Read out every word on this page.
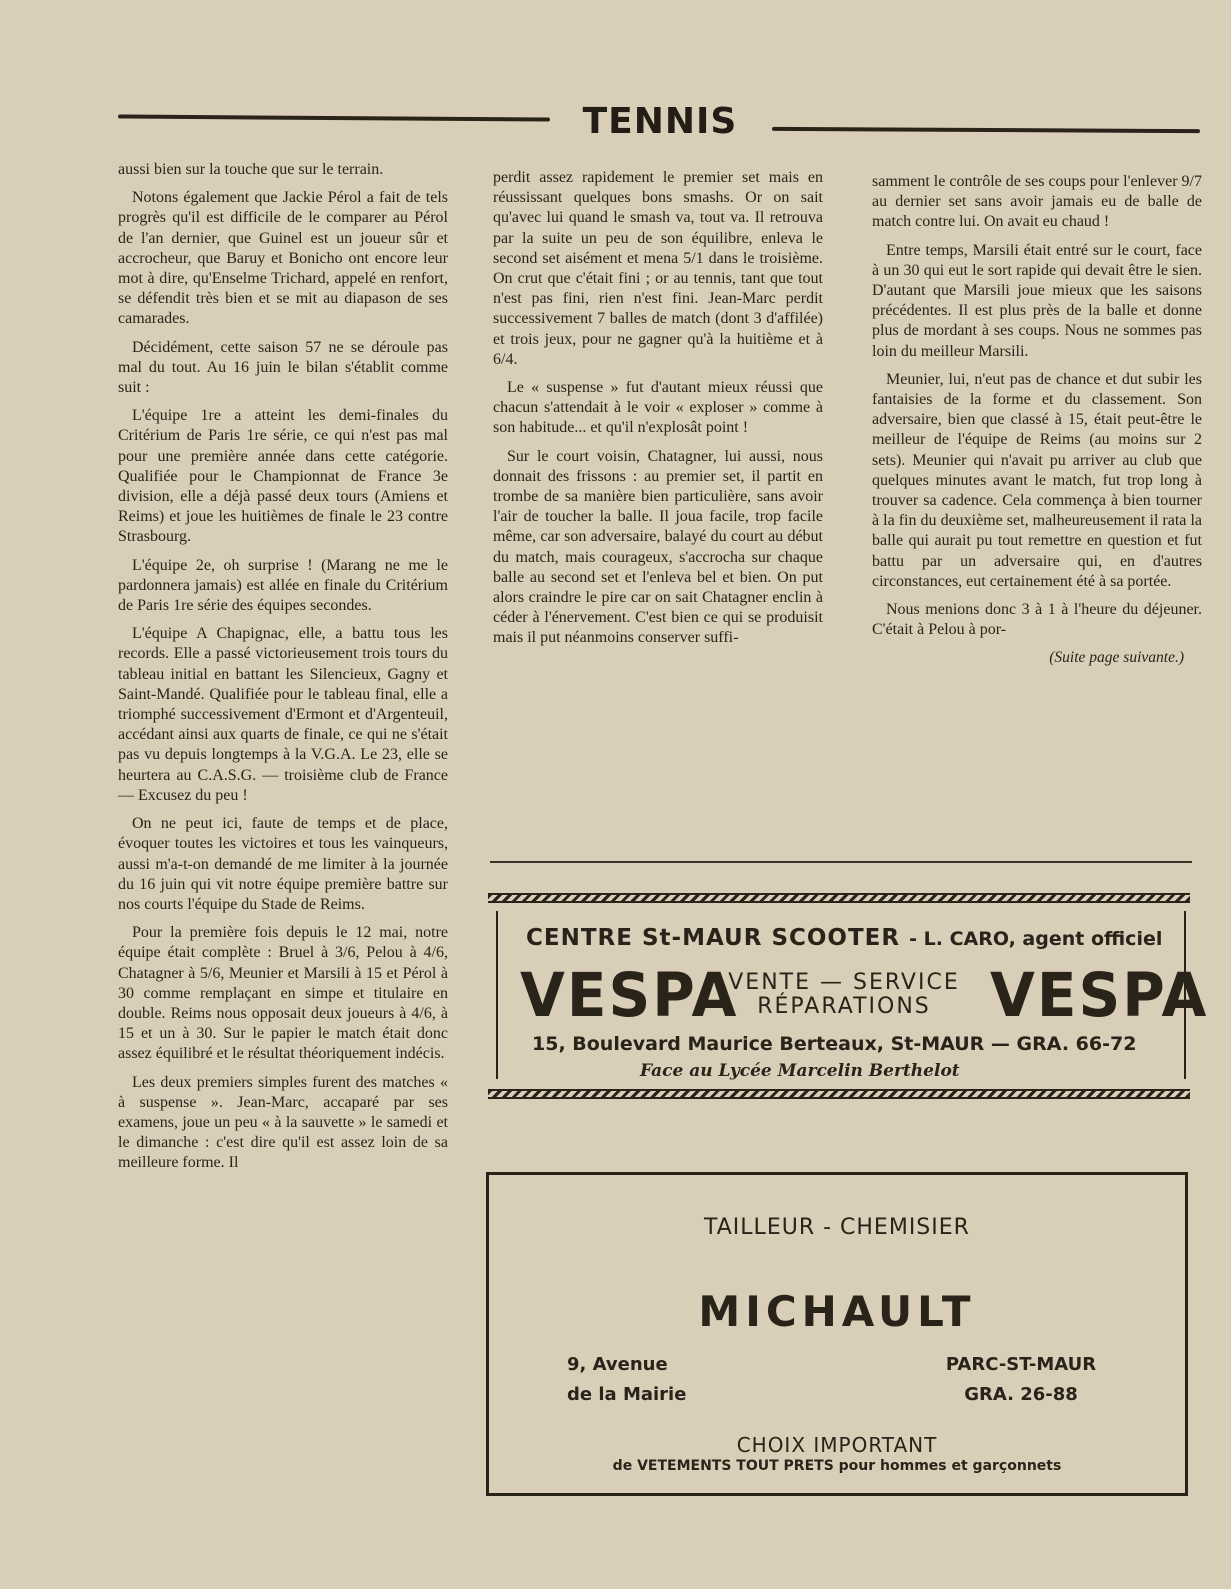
TENNIS

aussi bien sur la touche que sur le terrain.

Notons également que Jackie Pérol a fait de tels progrès qu'il est difficile de le comparer au Pérol de l'an dernier, que Guinel est un joueur sûr et accrocheur, que Baruy et Bonicho ont encore leur mot à dire, qu'Enselme Trichard, appelé en renfort, se défendit très bien et se mit au diapason de ses camarades.

Décidément, cette saison 57 ne se déroule pas mal du tout. Au 16 juin le bilan s'établit comme suit :

L'équipe 1re a atteint les demi-finales du Critérium de Paris 1re série, ce qui n'est pas mal pour une première année dans cette catégorie. Qualifiée pour le Championnat de France 3e division, elle a déjà passé deux tours (Amiens et Reims) et joue les huitièmes de finale le 23 contre Strasbourg.

L'équipe 2e, oh surprise ! (Marang ne me le pardonnera jamais) est allée en finale du Critérium de Paris 1re série des équipes secondes.

L'équipe A Chapignac, elle, a battu tous les records. Elle a passé victorieusement trois tours du tableau initial en battant les Silencieux, Gagny et Saint-Mandé. Qualifiée pour le tableau final, elle a triomphé successivement d'Ermont et d'Argenteuil, accédant ainsi aux quarts de finale, ce qui ne s'était pas vu depuis longtemps à la V.G.A. Le 23, elle se heurtera au C.A.S.G. — troisième club de France — Excusez du peu !

On ne peut ici, faute de temps et de place, évoquer toutes les victoires et tous les vainqueurs, aussi m'a-t-on demandé de me limiter à la journée du 16 juin qui vit notre équipe première battre sur nos courts l'équipe du Stade de Reims.

Pour la première fois depuis le 12 mai, notre équipe était complète : Bruel à 3/6, Pelou à 4/6, Chatagner à 5/6, Meunier et Marsili à 15 et Pérol à 30 comme remplaçant en simpe et titulaire en double. Reims nous opposait deux joueurs à 4/6, à 15 et un à 30. Sur le papier le match était donc assez équilibré et le résultat théoriquement indécis.

Les deux premiers simples furent des matches « à suspense ». Jean-Marc, accaparé par ses examens, joue un peu « à la sauvette » le samedi et le dimanche : c'est dire qu'il est assez loin de sa meilleure forme. Il

perdit assez rapidement le premier set mais en réussissant quelques bons smashs. Or on sait qu'avec lui quand le smash va, tout va. Il retrouva par la suite un peu de son équilibre, enleva le second set aisément et mena 5/1 dans le troisième. On crut que c'était fini ; or au tennis, tant que tout n'est pas fini, rien n'est fini. Jean-Marc perdit successivement 7 balles de match (dont 3 d'affilée) et trois jeux, pour ne gagner qu'à la huitième et à 6/4.

Le « suspense » fut d'autant mieux réussi que chacun s'attendait à le voir « exploser » comme à son habitude... et qu'il n'explosât point !

Sur le court voisin, Chatagner, lui aussi, nous donnait des frissons : au premier set, il partit en trombe de sa manière bien particulière, sans avoir l'air de toucher la balle. Il joua facile, trop facile même, car son adversaire, balayé du court au début du match, mais courageux, s'accrocha sur chaque balle au second set et l'enleva bel et bien. On put alors craindre le pire car on sait Chatagner enclin à céder à l'énervement. C'est bien ce qui se produisit mais il put néanmoins conserver suffi-

samment le contrôle de ses coups pour l'enlever 9/7 au dernier set sans avoir jamais eu de balle de match contre lui. On avait eu chaud !

Entre temps, Marsili était entré sur le court, face à un 30 qui eut le sort rapide qui devait être le sien. D'autant que Marsili joue mieux que les saisons précédentes. Il est plus près de la balle et donne plus de mordant à ses coups. Nous ne sommes pas loin du meilleur Marsili.

Meunier, lui, n'eut pas de chance et dut subir les fantaisies de la forme et du classement. Son adversaire, bien que classé à 15, était peut-être le meilleur de l'équipe de Reims (au moins sur 2 sets). Meunier qui n'avait pu arriver au club que quelques minutes avant le match, fut trop long à trouver sa cadence. Cela commença à bien tourner à la fin du deuxième set, malheureusement il rata la balle qui aurait pu tout remettre en question et fut battu par un adversaire qui, en d'autres circonstances, eut certainement été à sa portée.

Nous menions donc 3 à 1 à l'heure du déjeuner. C'était à Pelou à por-

(Suite page suivante.)
CENTRE St-MAUR SCOOTER - L. CARO, agent officiel
VESPA
VENTE — SERVICE
RÉPARATIONS	VESPA
15, Boulevard Maurice Berteaux, St-MAUR — GRA. 66-72
Face au Lycée Marcelin Berthelot
TAILLEUR - CHEMISIER
MICHAULT
9, Avenue
de la Mairie
PARC-ST-MAUR
GRA. 26-88
CHOIX IMPORTANT
de VETEMENTS TOUT PRETS pour hommes et garçonnets
